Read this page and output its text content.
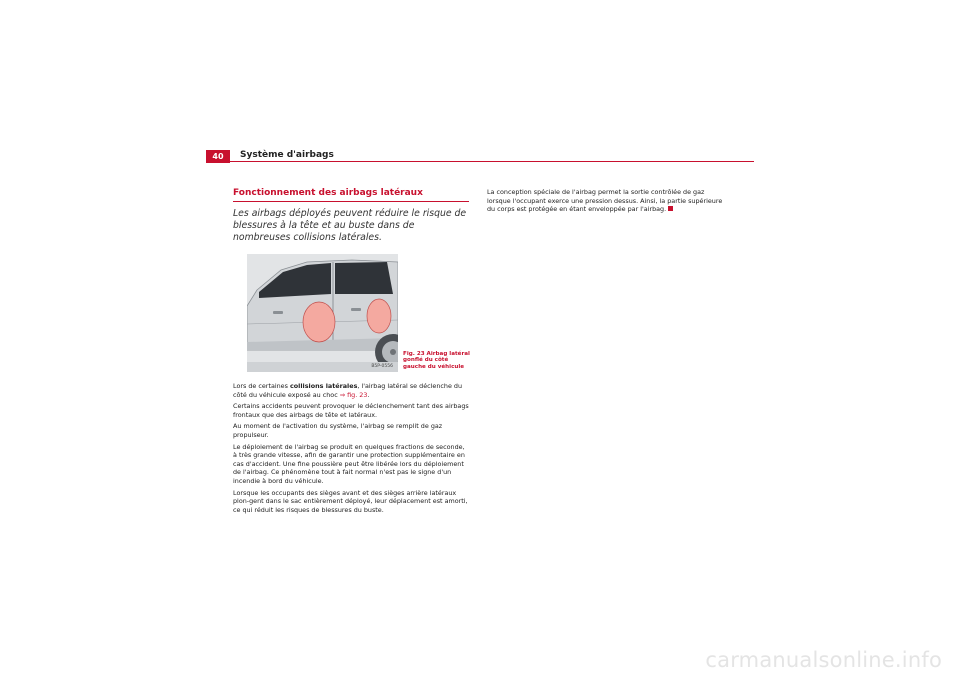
40	Système d'airbags
Fonctionnement des airbags latéraux

Les airbags déployés peuvent réduire le risque de blessures à la tête et au buste dans de nombreuses collisions latérales.

B5P-0556
Fig. 23 Airbag latéral gonflé du côté gauche du véhicule

Lors de certaines collisions latérales, l'airbag latéral se déclenche du côté du véhicule exposé au choc ⇒ fig. 23.

Certains accidents peuvent provoquer le déclenchement tant des airbags frontaux que des airbags de tête et latéraux.

Au moment de l'activation du système, l'airbag se remplit de gaz propulseur.

Le déploiement de l'airbag se produit en quelques fractions de seconde, à très grande vitesse, afin de garantir une protection supplémentaire en cas d'accident. Une fine poussière peut être libérée lors du déploiement de l'airbag. Ce phénomène tout à fait normal n'est pas le signe d'un incendie à bord du véhicule.

Lorsque les occupants des sièges avant et des sièges arrière latéraux plon-gent dans le sac entièrement déployé, leur déplacement est amorti, ce qui réduit les risques de blessures du buste.

La conception spéciale de l'airbag permet la sortie contrôlée de gaz lorsque l'occupant exerce une pression dessus. Ainsi, la partie supérieure du corps est protégée en étant enveloppée par l'airbag.

carmanualsonline.info
